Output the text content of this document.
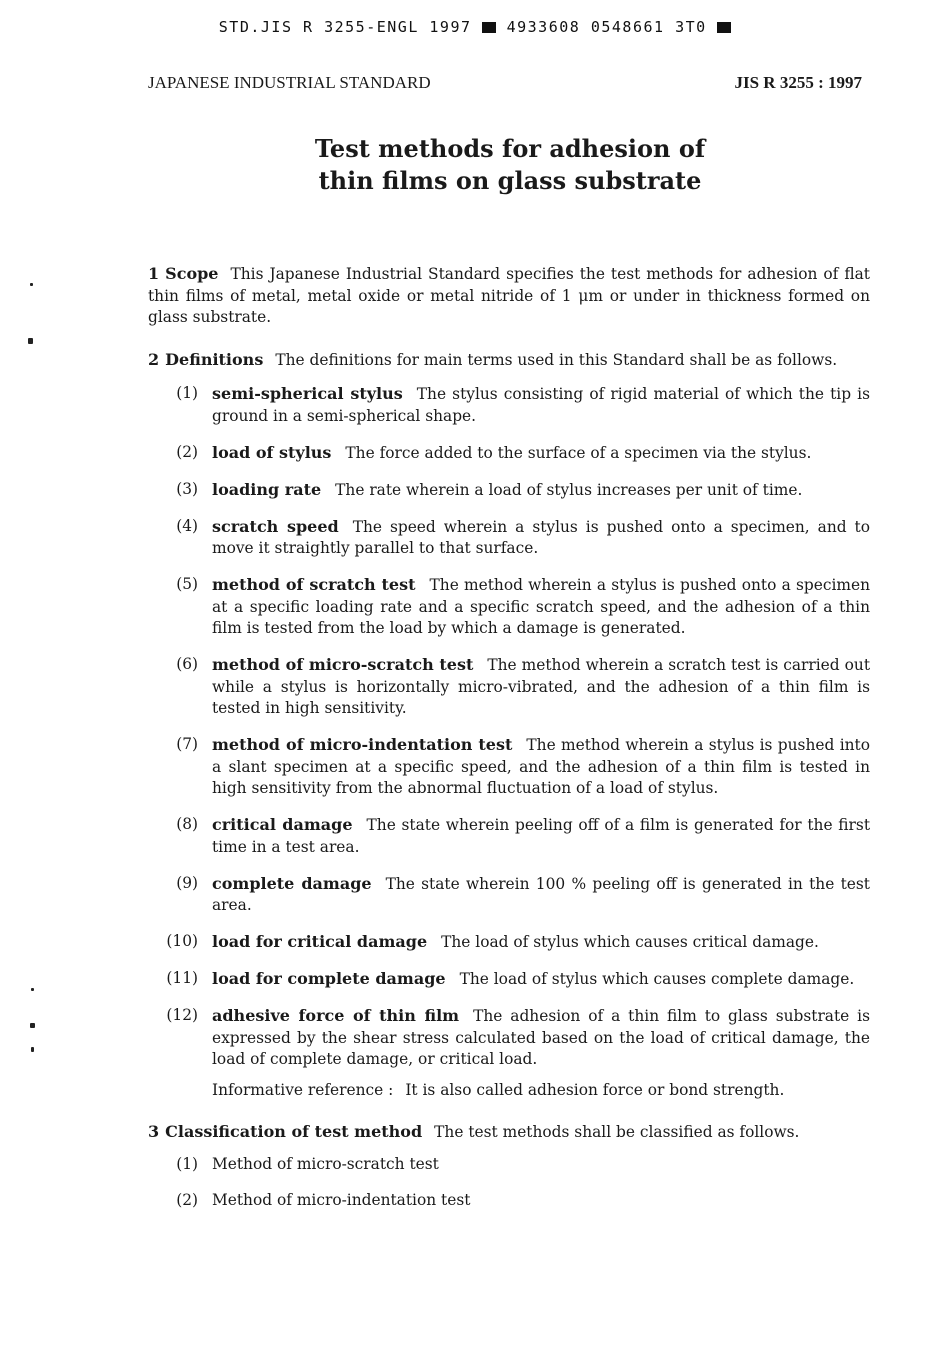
STD.JIS R 3255-ENGL 1997 4933608 0548661 3T0
JAPANESE INDUSTRIAL STANDARD	JIS R 3255 : 1997
Test methods for adhesion of
thin films on glass substrate

1 Scope This Japanese Industrial Standard specifies the test methods for adhesion of flat thin films of metal, metal oxide or metal nitride of 1 μm or under in thickness formed on glass substrate.

2 Definitions The definitions for main terms used in this Standard shall be as follows.

(1) semi-spherical stylus The stylus consisting of rigid material of which the tip is ground in a semi-spherical shape.
(2) load of stylus The force added to the surface of a specimen via the stylus.
(3) loading rate The rate wherein a load of stylus increases per unit of time.
(4) scratch speed The speed wherein a stylus is pushed onto a specimen, and to move it straightly parallel to that surface.
(5) method of scratch test The method wherein a stylus is pushed onto a specimen at a specific loading rate and a specific scratch speed, and the adhesion of a thin film is tested from the load by which a damage is generated.
(6) method of micro-scratch test The method wherein a scratch test is carried out while a stylus is horizontally micro-vibrated, and the adhesion of a thin film is tested in high sensitivity.
(7) method of micro-indentation test The method wherein a stylus is pushed into a slant specimen at a specific speed, and the adhesion of a thin film is tested in high sensitivity from the abnormal fluctuation of a load of stylus.
(8) critical damage The state wherein peeling off of a film is generated for the first time in a test area.
(9) complete damage The state wherein 100 % peeling off is generated in the test area.
(10) load for critical damage The load of stylus which causes critical damage.
(11) load for complete damage The load of stylus which causes complete damage.
(12) adhesive force of thin film The adhesion of a thin film to glass substrate is expressed by the shear stress calculated based on the load of critical damage, the load of complete damage, or critical load.
Informative reference : It is also called adhesion force or bond strength.

3 Classification of test method The test methods shall be classified as follows.

(1) Method of micro-scratch test
(2) Method of micro-indentation test
